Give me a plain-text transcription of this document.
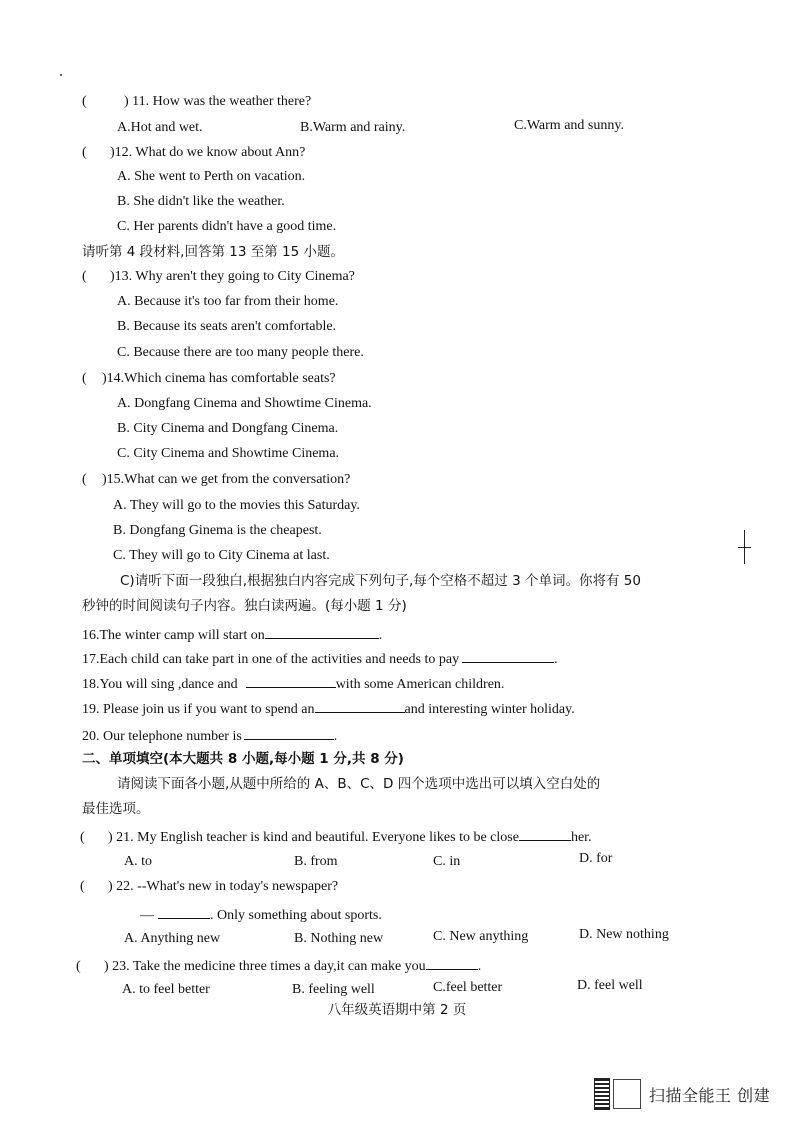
(	) 11. How was the weather there?
A.Hot and wet.	B.Warm and rainy.	C.Warm and sunny.
( )12. What do we know about Ann?
A. She went to Perth on vacation.
B. She didn't like the weather.
C. Her parents didn't have a good time.
请听第 4 段材料,回答第 13 至第 15 小题。
( )13. Why aren't they going to City Cinema?
A. Because it's too far from their home.
B. Because its seats aren't comfortable.
C. Because there are too many people there.
( )14.Which cinema has comfortable seats?
A. Dongfang Cinema and Showtime Cinema.
B. City Cinema and Dongfang Cinema.
C. City Cinema and Showtime Cinema.
( )15.What can we get from the conversation?
A. They will go to the movies this Saturday.
B. Dongfang Ginema is the cheapest.
C. They will go to City Cinema at last.
C)请听下面一段独白,根据独白内容完成下列句子,每个空格不超过 3 个单词。你将有 50
秒钟的时间阅读句子内容。独白读两遍。(每小题 1 分)
16.The winter camp will start on	.
17.Each child can take part in one of the activities and needs to pay	.
18.You will sing ,dance and	with some American children.
19. Please join us if you want to spend an	and interesting winter holiday.
20. Our telephone number is	.
二、单项填空(本大题共 8 小题,每小题 1 分,共 8 分)
请阅读下面各小题,从题中所给的 A、B、C、D 四个选项中选出可以填入空白处的
最佳选项。
( ) 21. My English teacher is kind and beautiful. Everyone likes to be close	her.
A. to	B. from	C. in	D. for
( ) 22. --What's new in today's newspaper?
—	. Only something about sports.
A. Anything new	B. Nothing new	C. New anything	D. New nothing
( ) 23. Take the medicine three times a day,it can make you	.
A. to feel better	B. feeling well	C.feel better	D. feel well
八年级英语期中第 2 页
扫描全能王 创建
